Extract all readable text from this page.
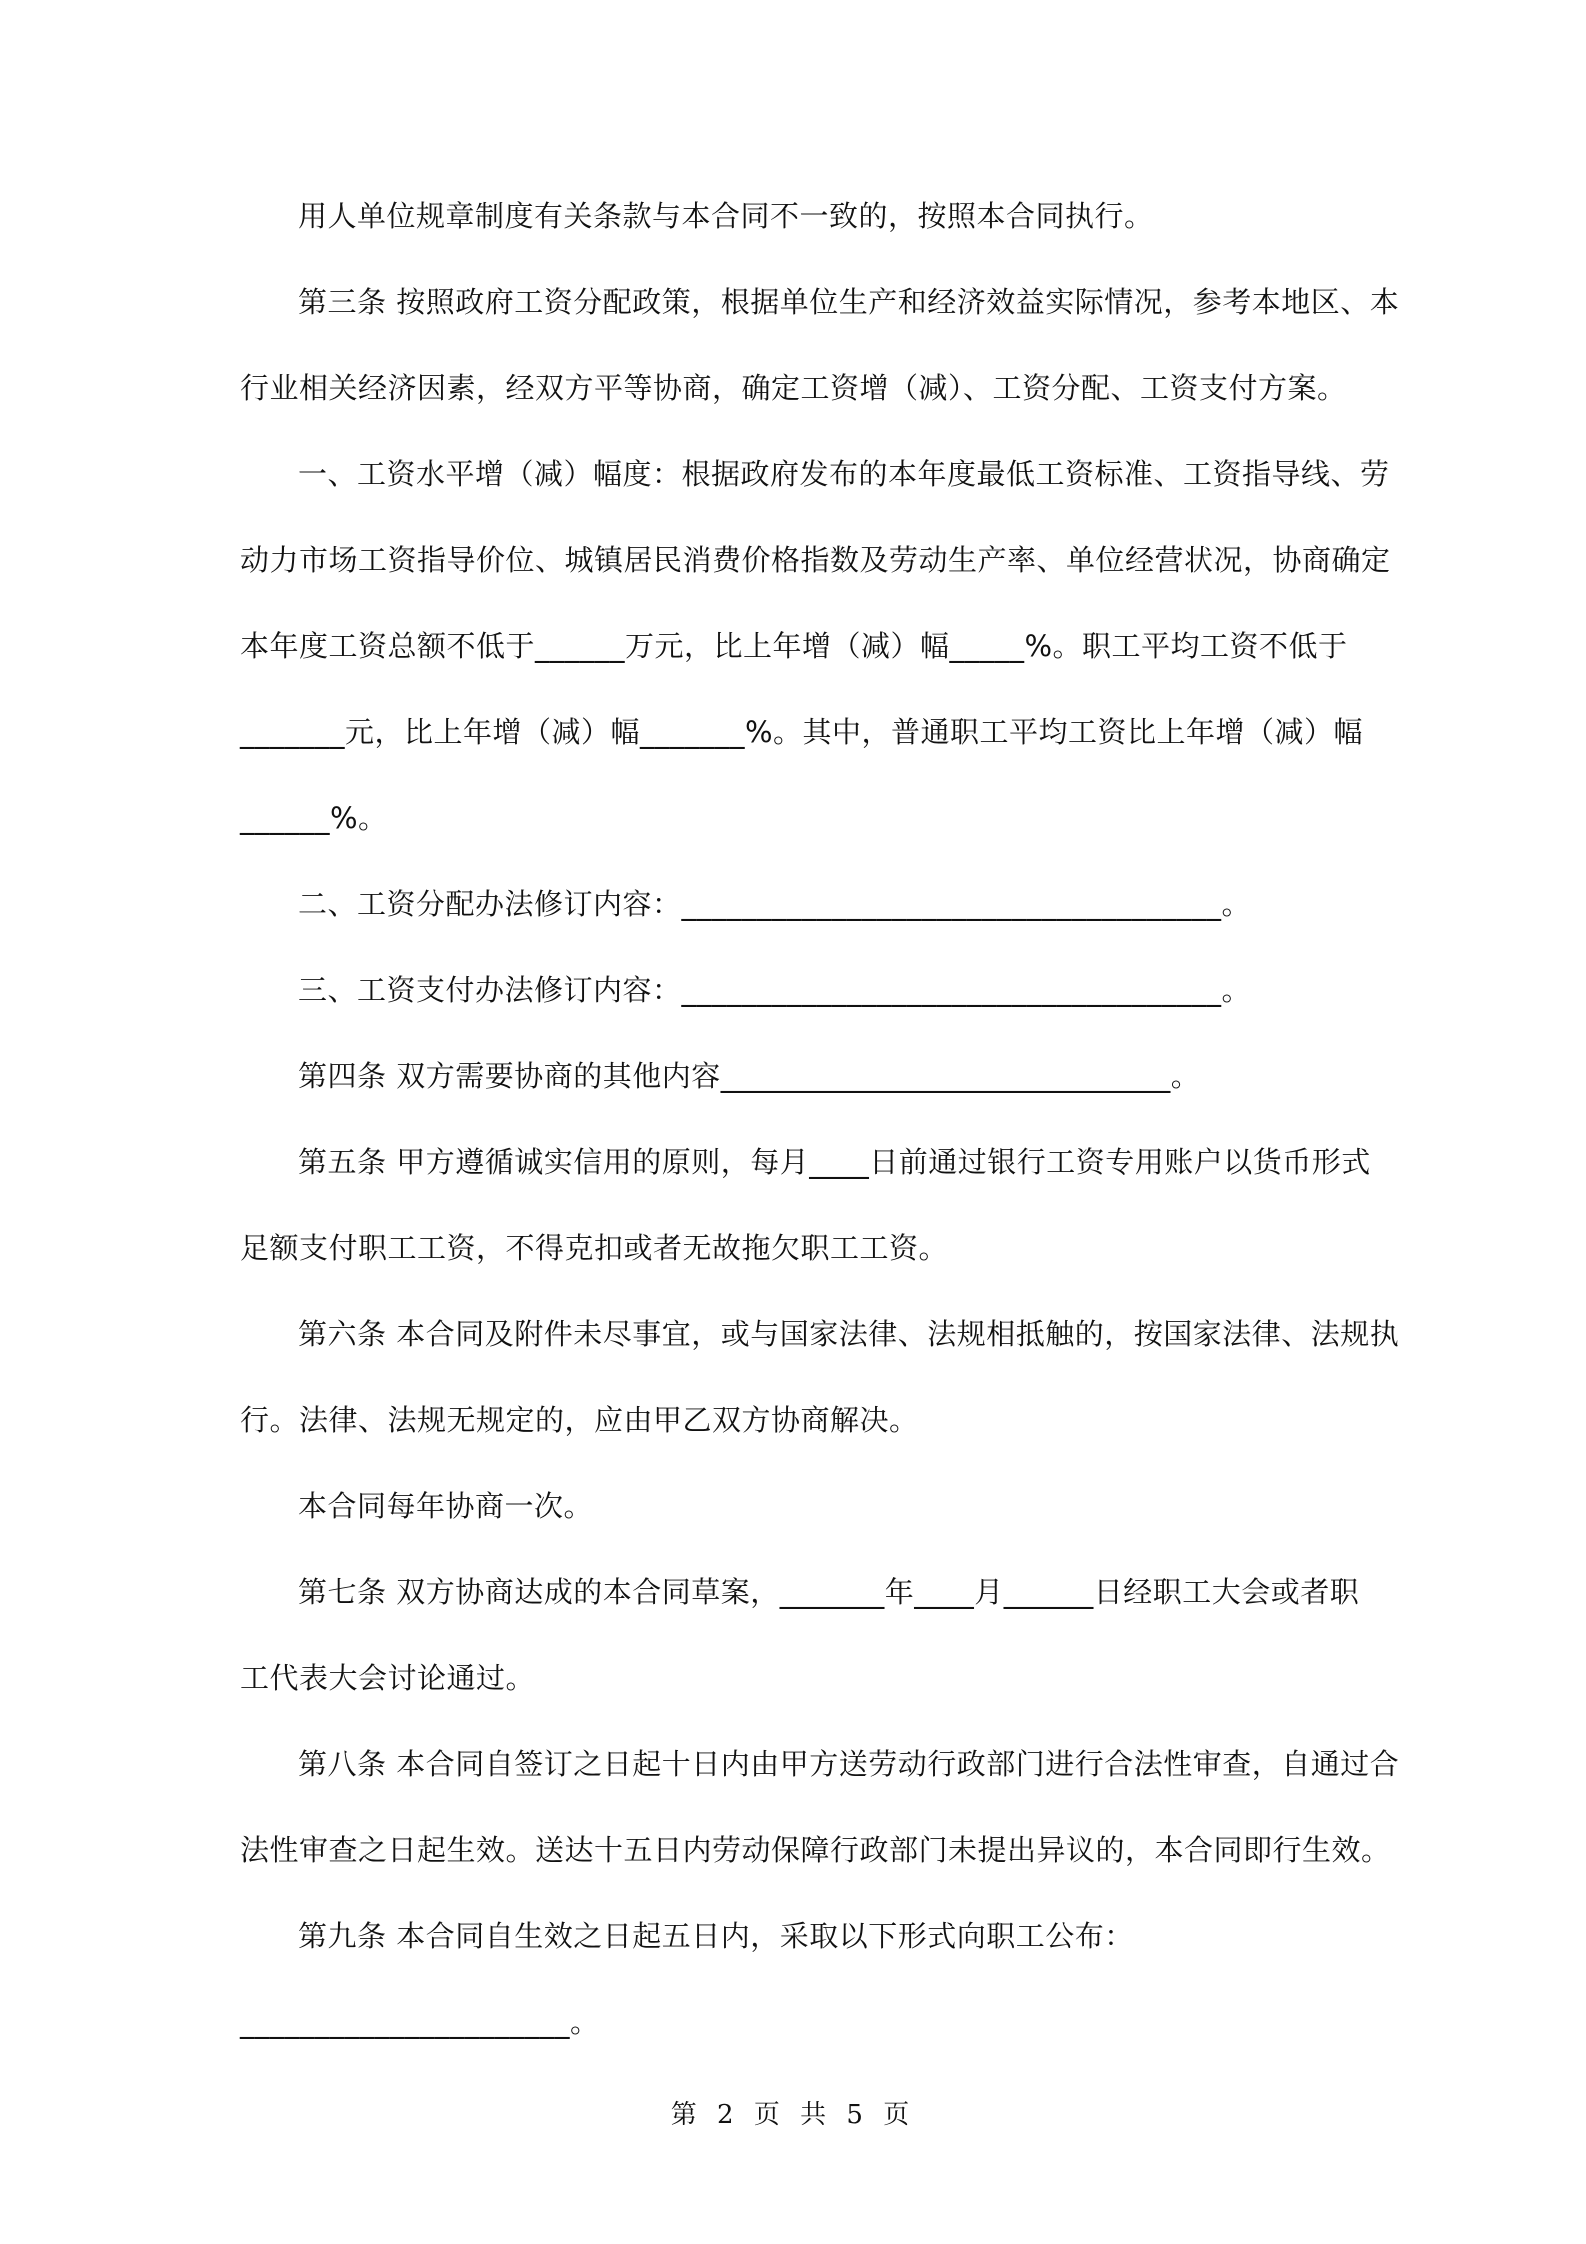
用人单位规章制度有关条款与本合同不一致的，按照本合同执行。
第三条 按照政府工资分配政策，根据单位生产和经济效益实际情况，参考本地区、本
行业相关经济因素，经双方平等协商，确定工资增（减）、工资分配、工资支付方案。
一、工资水平增（减）幅度：根据政府发布的本年度最低工资标准、工资指导线、劳
动力市场工资指导价位、城镇居民消费价格指数及劳动生产率、单位经营状况，协商确定
本年度工资总额不低于______万元，比上年增（减）幅_____%。职工平均工资不低于
_______元，比上年增（减）幅_______%。其中，普通职工平均工资比上年增（减）幅
______%。
二、工资分配办法修订内容：____________________________________。
三、工资支付办法修订内容：____________________________________。
第四条 双方需要协商的其他内容______________________________。
第五条 甲方遵循诚实信用的原则，每月____日前通过银行工资专用账户以货币形式
足额支付职工工资，不得克扣或者无故拖欠职工工资。
第六条 本合同及附件未尽事宜，或与国家法律、法规相抵触的，按国家法律、法规执
行。法律、法规无规定的，应由甲乙双方协商解决。
本合同每年协商一次。
第七条 双方协商达成的本合同草案，_______年____月______日经职工大会或者职
工代表大会讨论通过。
第八条 本合同自签订之日起十日内由甲方送劳动行政部门进行合法性审查，自通过合
法性审查之日起生效。送达十五日内劳动保障行政部门未提出异议的，本合同即行生效。
第九条 本合同自生效之日起五日内，采取以下形式向职工公布：
______________________。
第 2 页 共 5 页
